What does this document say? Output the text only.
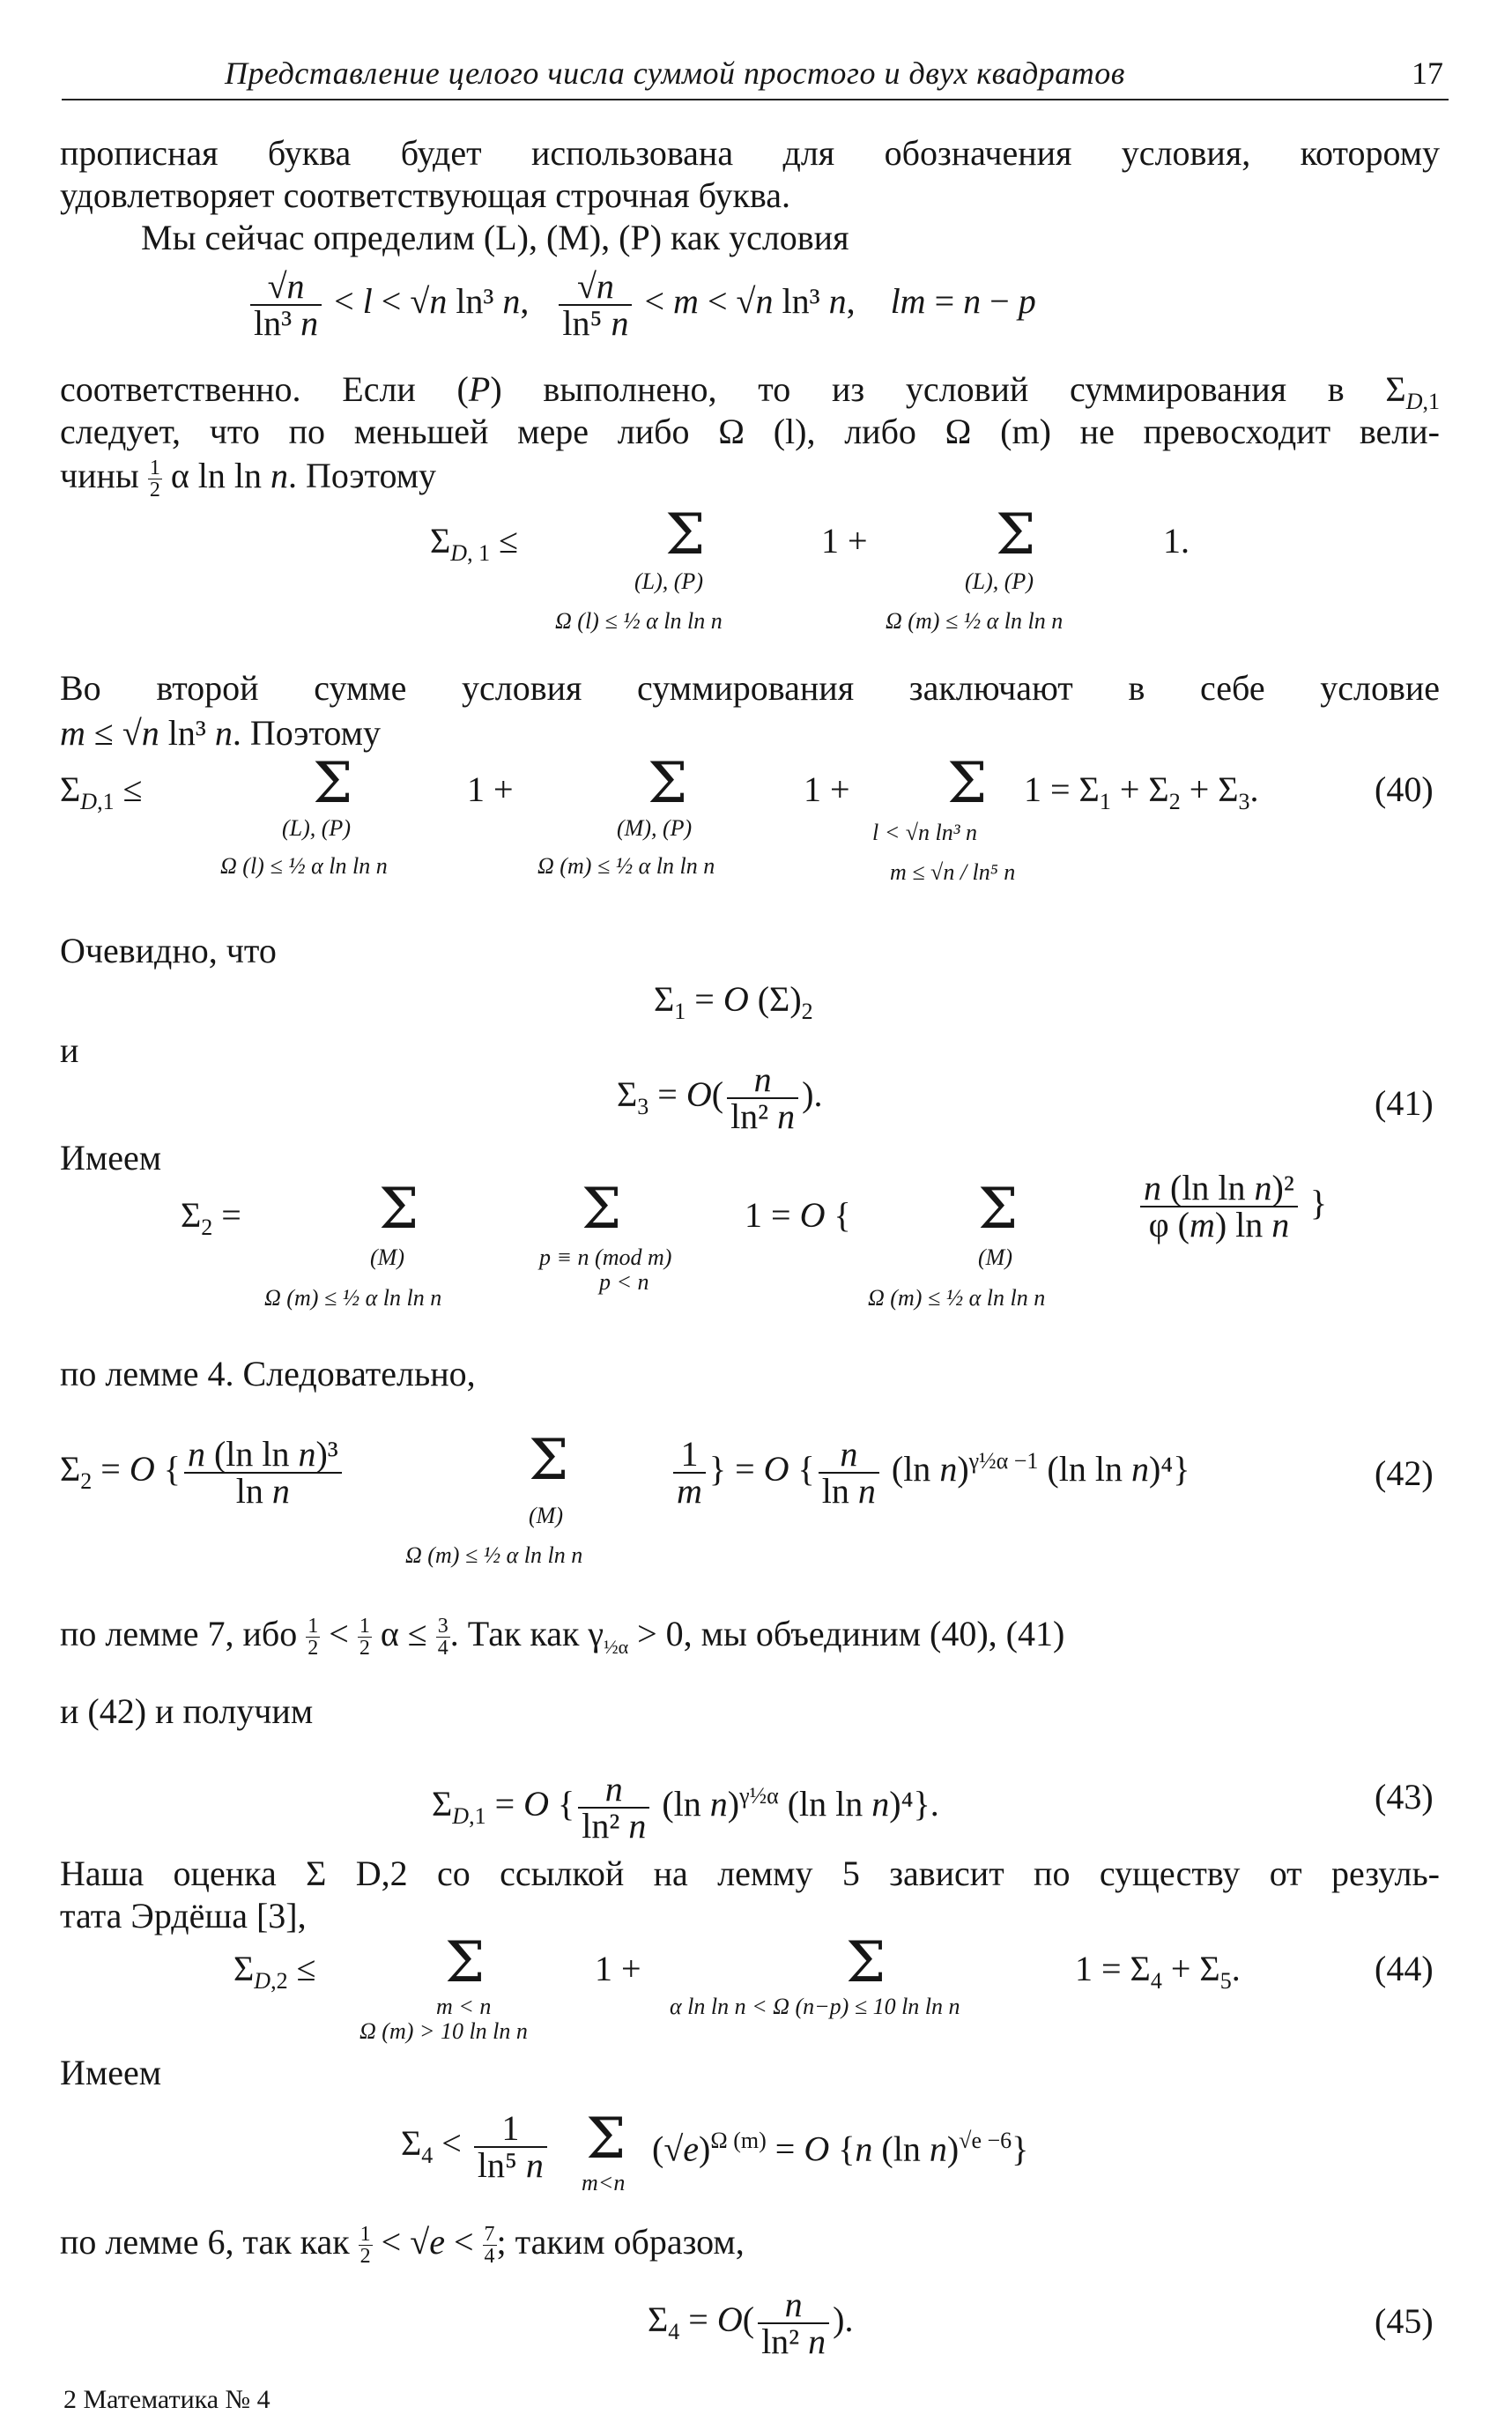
Представление целого числа суммой простого и двух квадратов	17
прописная буква будет использована для обозначения условия, которому
удовлетворяет соответствующая строчная буква.
Мы сейчас определим (L), (M), (P) как условия
$\frac{√n}{\text{ln³ n}} < l < √n$ ln³ n, $\frac{√n}{\text{ln⁵ n}} < m < √n$ ln³ n,    lm = n − p
соответственно. Если (P) выполнено, то из условий суммирования в $\Sigma_{D,1}$
следует, что по меньшей мере либо Ω (l), либо Ω (m) не превосходит вели-
чины $\frac{1}{2}$ α ln ln n. Поэтому
$\Sigma_{D, 1}$ ≤	Σ	1 + Σ	1.
(L), (P)	(L), (P)
Ω (l) ≤ ½ α ln ln n	Ω (m) ≤ ½ α ln ln n
Во второй сумме условия суммирования заключают в себе условие
m ≤ √n ln³ n. Поэтому
$\Sigma_{D,1}$ ≤	Σ	1 + Σ	1 + Σ $1 = \Sigma_1 + \Sigma_2 + \Sigma_3$.	(40)
(L), (P)	(M), (P)	l < √n ln³ n
Ω (l) ≤ ½ α ln ln n	Ω (m) ≤ ½ α ln ln n	m ≤ √n / ln⁵ n
Очевидно, что
$\Sigma_1 = O$ $(\Sigma)_2$
и
$\Sigma_3 = O( \frac{n}{\text{ln² n}}$ ).	(41)
Имеем
$\Sigma_2 = \Sigma$	Σ	1 = O { Σ	$\frac{\text{n (ln ln n)²}}{\text{φ (m) ln n}}$ }
(M)	p ≡ n (mod m)
p < n
(M)
Ω (m) ≤ ½ α ln ln n	Ω (m) ≤ ½ α ln ln n
по лемме 4. Следовательно,
$\Sigma_2 = O$ { $\frac{\text{n (ln ln n)³}}{\text{ln n}}$	Σ	$\frac{1}{m}$ } = O { $\frac{n}{\text{ln n}} (\ln$ n)$^{\gamma\frac{1}{2}\alpha -1}$ (ln ln n)⁴}	(42)
(M)
Ω (m) ≤ ½ α ln ln n
по лемме 7, ибо $\frac{1}{2} < \frac{1}{2}$ $\alpha \le \frac{3}{4}$ . Так как $\gamma_{\frac{1}{2}\alpha} > 0$, мы объединим (40), (41)
и (42) и получим
$\Sigma_{D,1} = O$ { $\frac{n}{\text{ln² n}} (\ln$ n)$^{\gamma\frac{1}{2}\alpha}$ (ln ln n)⁴}.	(43)
Наша оценка Σ D,2 со ссылкой на лемму 5 зависит по существу от резуль-
тата Эрдёша [3],
$\Sigma_{D,2} \le \Sigma$	1 +	Σ	$1 = \Sigma_4 + \Sigma_5$.	(44)
m < n	α ln ln n < Ω (n−p) ≤ 10 ln ln n
Ω (m) > 10 ln ln n
Имеем
$\Sigma_4 < \frac{1}{\text{ln⁵ n}}$ Σ $(√e)^{\Omega (m)} = O$ {n (ln n)$^{√e -6}$}
m<n
по лемме 6, так как $\frac{1}{2} < √e < \frac{7}{4}$ ; таким образом,
$\Sigma_4 = O( \frac{n}{\text{ln² n}}$ ).	(45)
2 Математика № 4
